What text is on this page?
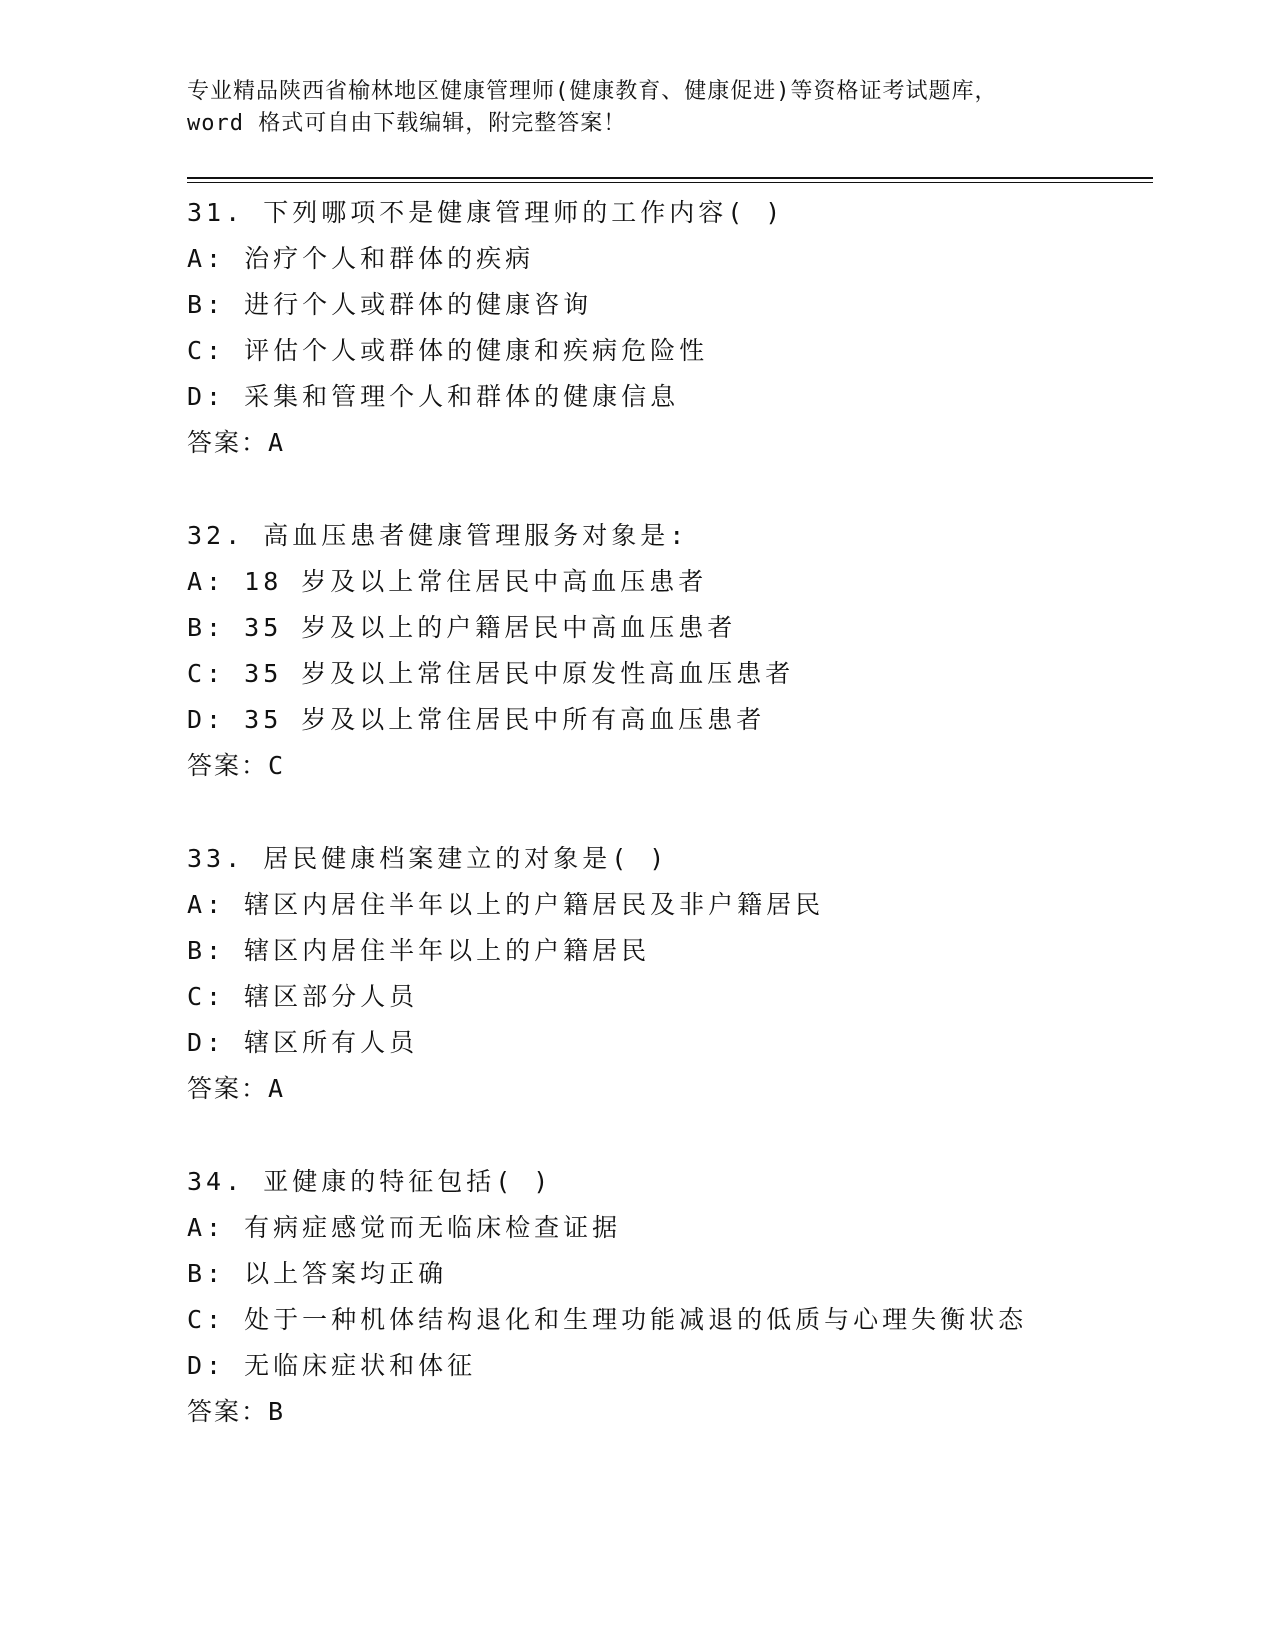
专业精品陕西省榆林地区健康管理师(健康教育、健康促进)等资格证考试题库，
word 格式可自由下载编辑，附完整答案！
31. 下列哪项不是健康管理师的工作内容( )
A: 治疗个人和群体的疾病
B: 进行个人或群体的健康咨询
C: 评估个人或群体的健康和疾病危险性
D: 采集和管理个人和群体的健康信息
答案：A
32. 高血压患者健康管理服务对象是:
A: 18 岁及以上常住居民中高血压患者
B: 35 岁及以上的户籍居民中高血压患者
C: 35 岁及以上常住居民中原发性高血压患者
D: 35 岁及以上常住居民中所有高血压患者
答案：C
33. 居民健康档案建立的对象是( )
A: 辖区内居住半年以上的户籍居民及非户籍居民
B: 辖区内居住半年以上的户籍居民
C: 辖区部分人员
D: 辖区所有人员
答案：A
34. 亚健康的特征包括( )
A: 有病症感觉而无临床检查证据
B: 以上答案均正确
C: 处于一种机体结构退化和生理功能减退的低质与心理失衡状态
D: 无临床症状和体征
答案：B
